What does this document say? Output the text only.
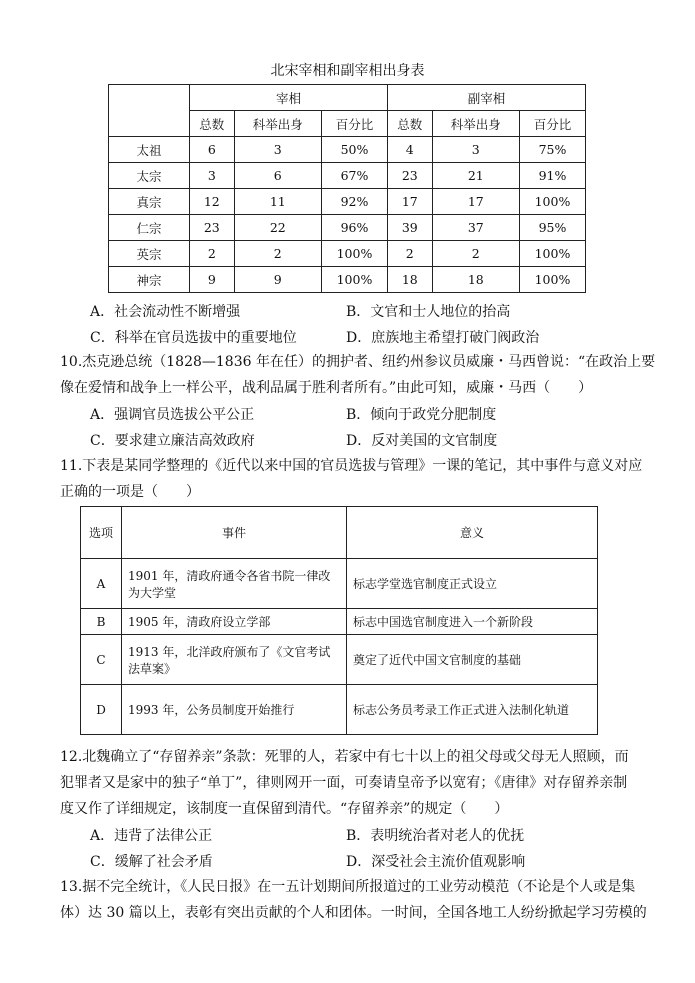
北宋宰相和副宰相出身表
	宰相			副宰相		
	总数	科举出身	百分比	总数	科举出身	百分比
太祖	6	3	50%	4	3	75%
太宗	3	6	67%	23	21	91%
真宗	12	11	92%	17	17	100%
仁宗	23	22	96%	39	37	95%
英宗	2	2	100%	2	2	100%
神宗	9	9	100%	18	18	100%
A．社会流动性不断增强	B．文官和士人地位的抬高
C．科举在官员选拔中的重要地位	D．庶族地主希望打破门阀政治
10.杰克逊总统（1828—1836 年在任）的拥护者、纽约州参议员威廉・马西曾说：“在政治上要
像在爱情和战争上一样公平，战利品属于胜利者所有。”由此可知，威廉・马西（　　）
A．强调官员选拔公平公正	B．倾向于政党分肥制度
C．要求建立廉洁高效政府	D．反对美国的文官制度
11.下表是某同学整理的《近代以来中国的官员选拔与管理》一课的笔记，其中事件与意义对应
正确的一项是（　　）
选项	事件	意义
A	1901 年，清政府通令各省书院一律改为大学堂	标志学堂选官制度正式设立
B	1905 年，清政府设立学部	标志中国选官制度进入一个新阶段
C	1913 年，北洋政府颁布了《文官考试法草案》	奠定了近代中国文官制度的基础
D	1993 年，公务员制度开始推行	标志公务员考录工作正式进入法制化轨道
12.北魏确立了“存留养亲”条款：死罪的人，若家中有七十以上的祖父母或父母无人照顾，而
犯罪者又是家中的独子“单丁”，律则网开一面，可奏请皇帝予以宽宥；《唐律》对存留养亲制
度又作了详细规定，该制度一直保留到清代。“存留养亲”的规定（　　）
A．违背了法律公正	B．表明统治者对老人的优抚
C．缓解了社会矛盾	D．深受社会主流价值观影响
13.据不完全统计，《人民日报》在一五计划期间所报道过的工业劳动模范（不论是个人或是集
体）达 30 篇以上，表彰有突出贡献的个人和团体。一时间，全国各地工人纷纷掀起学习劳模的
